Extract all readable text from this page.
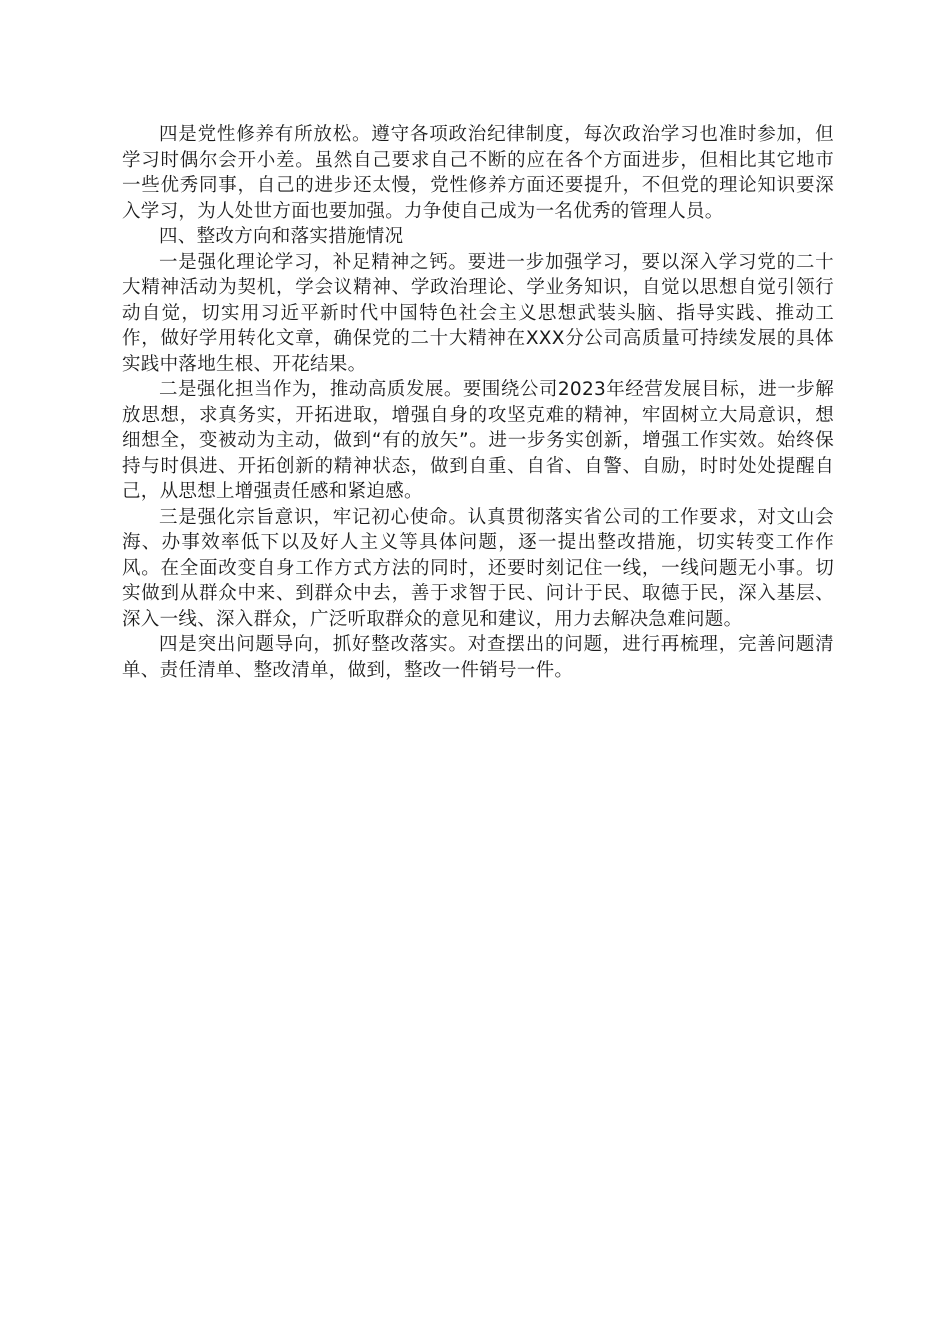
四是党性修养有所放松。遵守各项政治纪律制度，每次政治学习也准时参加，但学习时偶尔会开小差。虽然自己要求自己不断的应在各个方面进步，但相比其它地市一些优秀同事，自己的进步还太慢，党性修养方面还要提升，不但党的理论知识要深入学习，为人处世方面也要加强。力争使自己成为一名优秀的管理人员。

四、整改方向和落实措施情况

一是强化理论学习，补足精神之钙。要进一步加强学习，要以深入学习党的二十大精神活动为契机，学会议精神、学政治理论、学业务知识，自觉以思想自觉引领行动自觉，切实用习近平新时代中国特色社会主义思想武装头脑、指导实践、推动工作，做好学用转化文章，确保党的二十大精神在XXX分公司高质量可持续发展的具体实践中落地生根、开花结果。

二是强化担当作为，推动高质发展。要围绕公司2023年经营发展目标，进一步解放思想，求真务实，开拓进取，增强自身的攻坚克难的精神，牢固树立大局意识，想细想全，变被动为主动，做到“有的放矢”。进一步务实创新，增强工作实效。始终保持与时俱进、开拓创新的精神状态，做到自重、自省、自警、自励，时时处处提醒自己，从思想上增强责任感和紧迫感。

三是强化宗旨意识，牢记初心使命。认真贯彻落实省公司的工作要求，对文山会海、办事效率低下以及好人主义等具体问题，逐一提出整改措施，切实转变工作作风。在全面改变自身工作方式方法的同时，还要时刻记住一线，一线问题无小事。切实做到从群众中来、到群众中去，善于求智于民、问计于民、取德于民，深入基层、深入一线、深入群众，广泛听取群众的意见和建议，用力去解决急难问题。

四是突出问题导向，抓好整改落实。对查摆出的问题，进行再梳理，完善问题清单、责任清单、整改清单，做到，整改一件销号一件。
